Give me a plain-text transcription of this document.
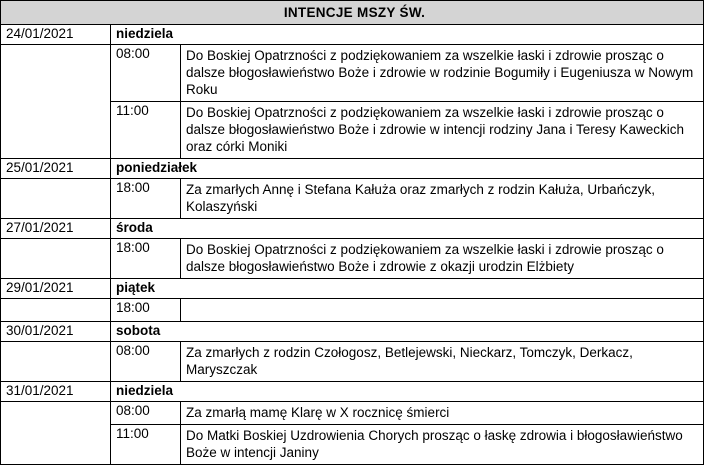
INTENCJE MSZY ŚW.		
24/01/2021	niedziela	
	08:00	Do Boskiej Opatrzności z podziękowaniem za wszelkie łaski i zdrowie prosząc o dalsze błogosławieństwo Boże i zdrowie w rodzinie Bogumiły i Eugeniusza w Nowym Roku
	11:00	Do Boskiej Opatrzności z podziękowaniem za wszelkie łaski i zdrowie prosząc o dalsze błogosławieństwo Boże i zdrowie w intencji rodziny Jana i Teresy Kaweckich oraz córki Moniki
25/01/2021	poniedziałek	
	18:00	Za zmarłych Annę i Stefana Kałuża oraz zmarłych z rodzin Kałuża, Urbańczyk, Kolaszyński
27/01/2021	środa	
	18:00	Do Boskiej Opatrzności z podziękowaniem za wszelkie łaski i zdrowie prosząc o dalsze błogosławieństwo Boże i zdrowie z okazji urodzin Elżbiety
29/01/2021	piątek	
	18:00	
30/01/2021	sobota	
	08:00	Za zmarłych z rodzin Czołogosz, Betlejewski, Nieckarz, Tomczyk, Derkacz, Maryszczak
31/01/2021	niedziela	
	08:00	Za zmarłą mamę Klarę w X rocznicę śmierci
	11:00	Do Matki Boskiej Uzdrowienia Chorych prosząc o łaskę zdrowia i błogosławieństwo Boże w intencji Janiny
